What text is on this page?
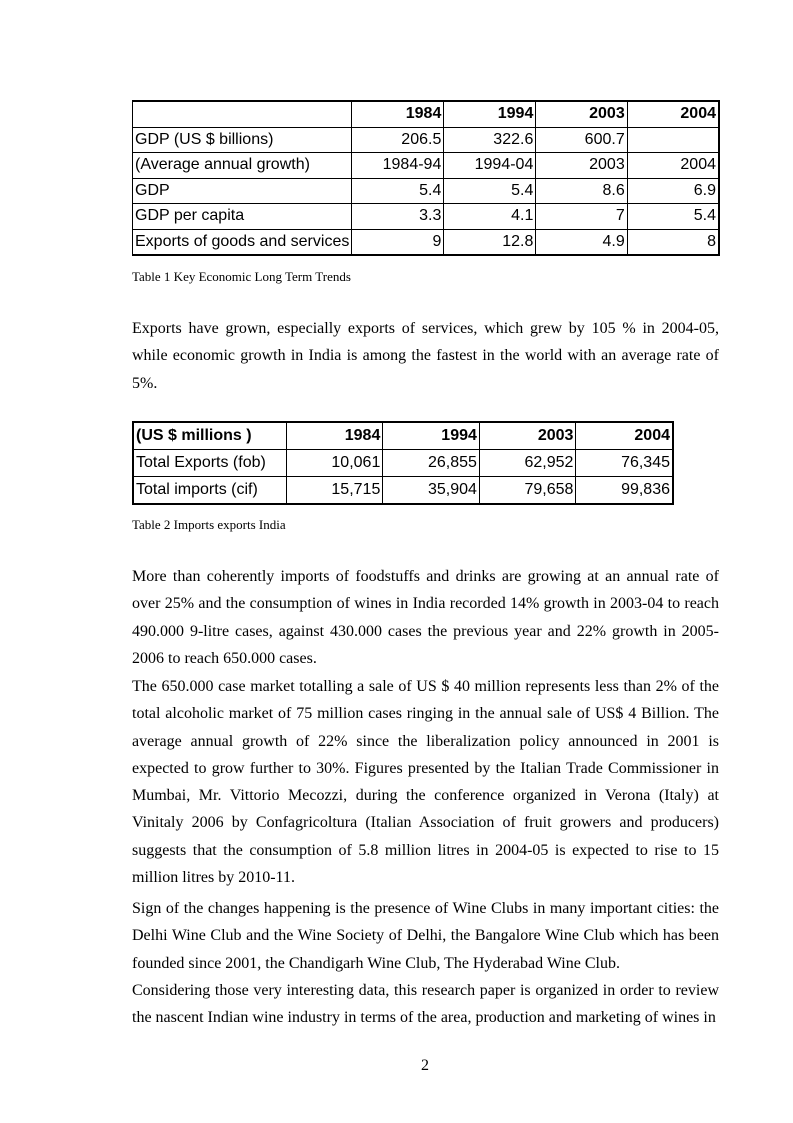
	1984	1994	2003	2004
GDP (US $ billions)	206.5	322.6	600.7	
(Average annual growth)	1984-94	1994-04	2003	2004
GDP	5.4	5.4	8.6	6.9
GDP per capita	3.3	4.1	7	5.4
Exports of goods and services	9	12.8	4.9	8
Table 1 Key Economic Long Term Trends

Exports have grown, especially exports of services, which grew by 105 % in 2004-05, while economic growth in India is among the fastest in the world with an average rate of 5%.

(US $ millions )	1984	1994	2003	2004
Total Exports (fob)	10,061	26,855	62,952	76,345
Total imports (cif)	15,715	35,904	79,658	99,836
Table 2 Imports exports India

More than coherently imports of foodstuffs and drinks are growing at an annual rate of over 25% and the consumption of wines in India recorded 14% growth in 2003-04 to reach 490.000 9-litre cases, against 430.000 cases the previous year and 22% growth in 2005-2006 to reach 650.000 cases.

The 650.000 case market totalling a sale of US $ 40 million represents less than 2% of the total alcoholic market of 75 million cases ringing in the annual sale of US$ 4 Billion. The average annual growth of 22% since the liberalization policy announced in 2001 is expected to grow further to 30%. Figures presented by the Italian Trade Commissioner in Mumbai, Mr. Vittorio Mecozzi, during the conference organized in Verona (Italy) at Vinitaly 2006 by Confagricoltura (Italian Association of fruit growers and producers) suggests that the consumption of 5.8 million litres in 2004-05 is expected to rise to 15 million litres by 2010-11.

Sign of the changes happening is the presence of Wine Clubs in many important cities: the Delhi Wine Club and the Wine Society of Delhi, the Bangalore Wine Club which has been founded since 2001, the Chandigarh Wine Club, The Hyderabad Wine Club.

Considering those very interesting data, this research paper is organized in order to review the nascent Indian wine industry in terms of the area, production and marketing of wines in

2
